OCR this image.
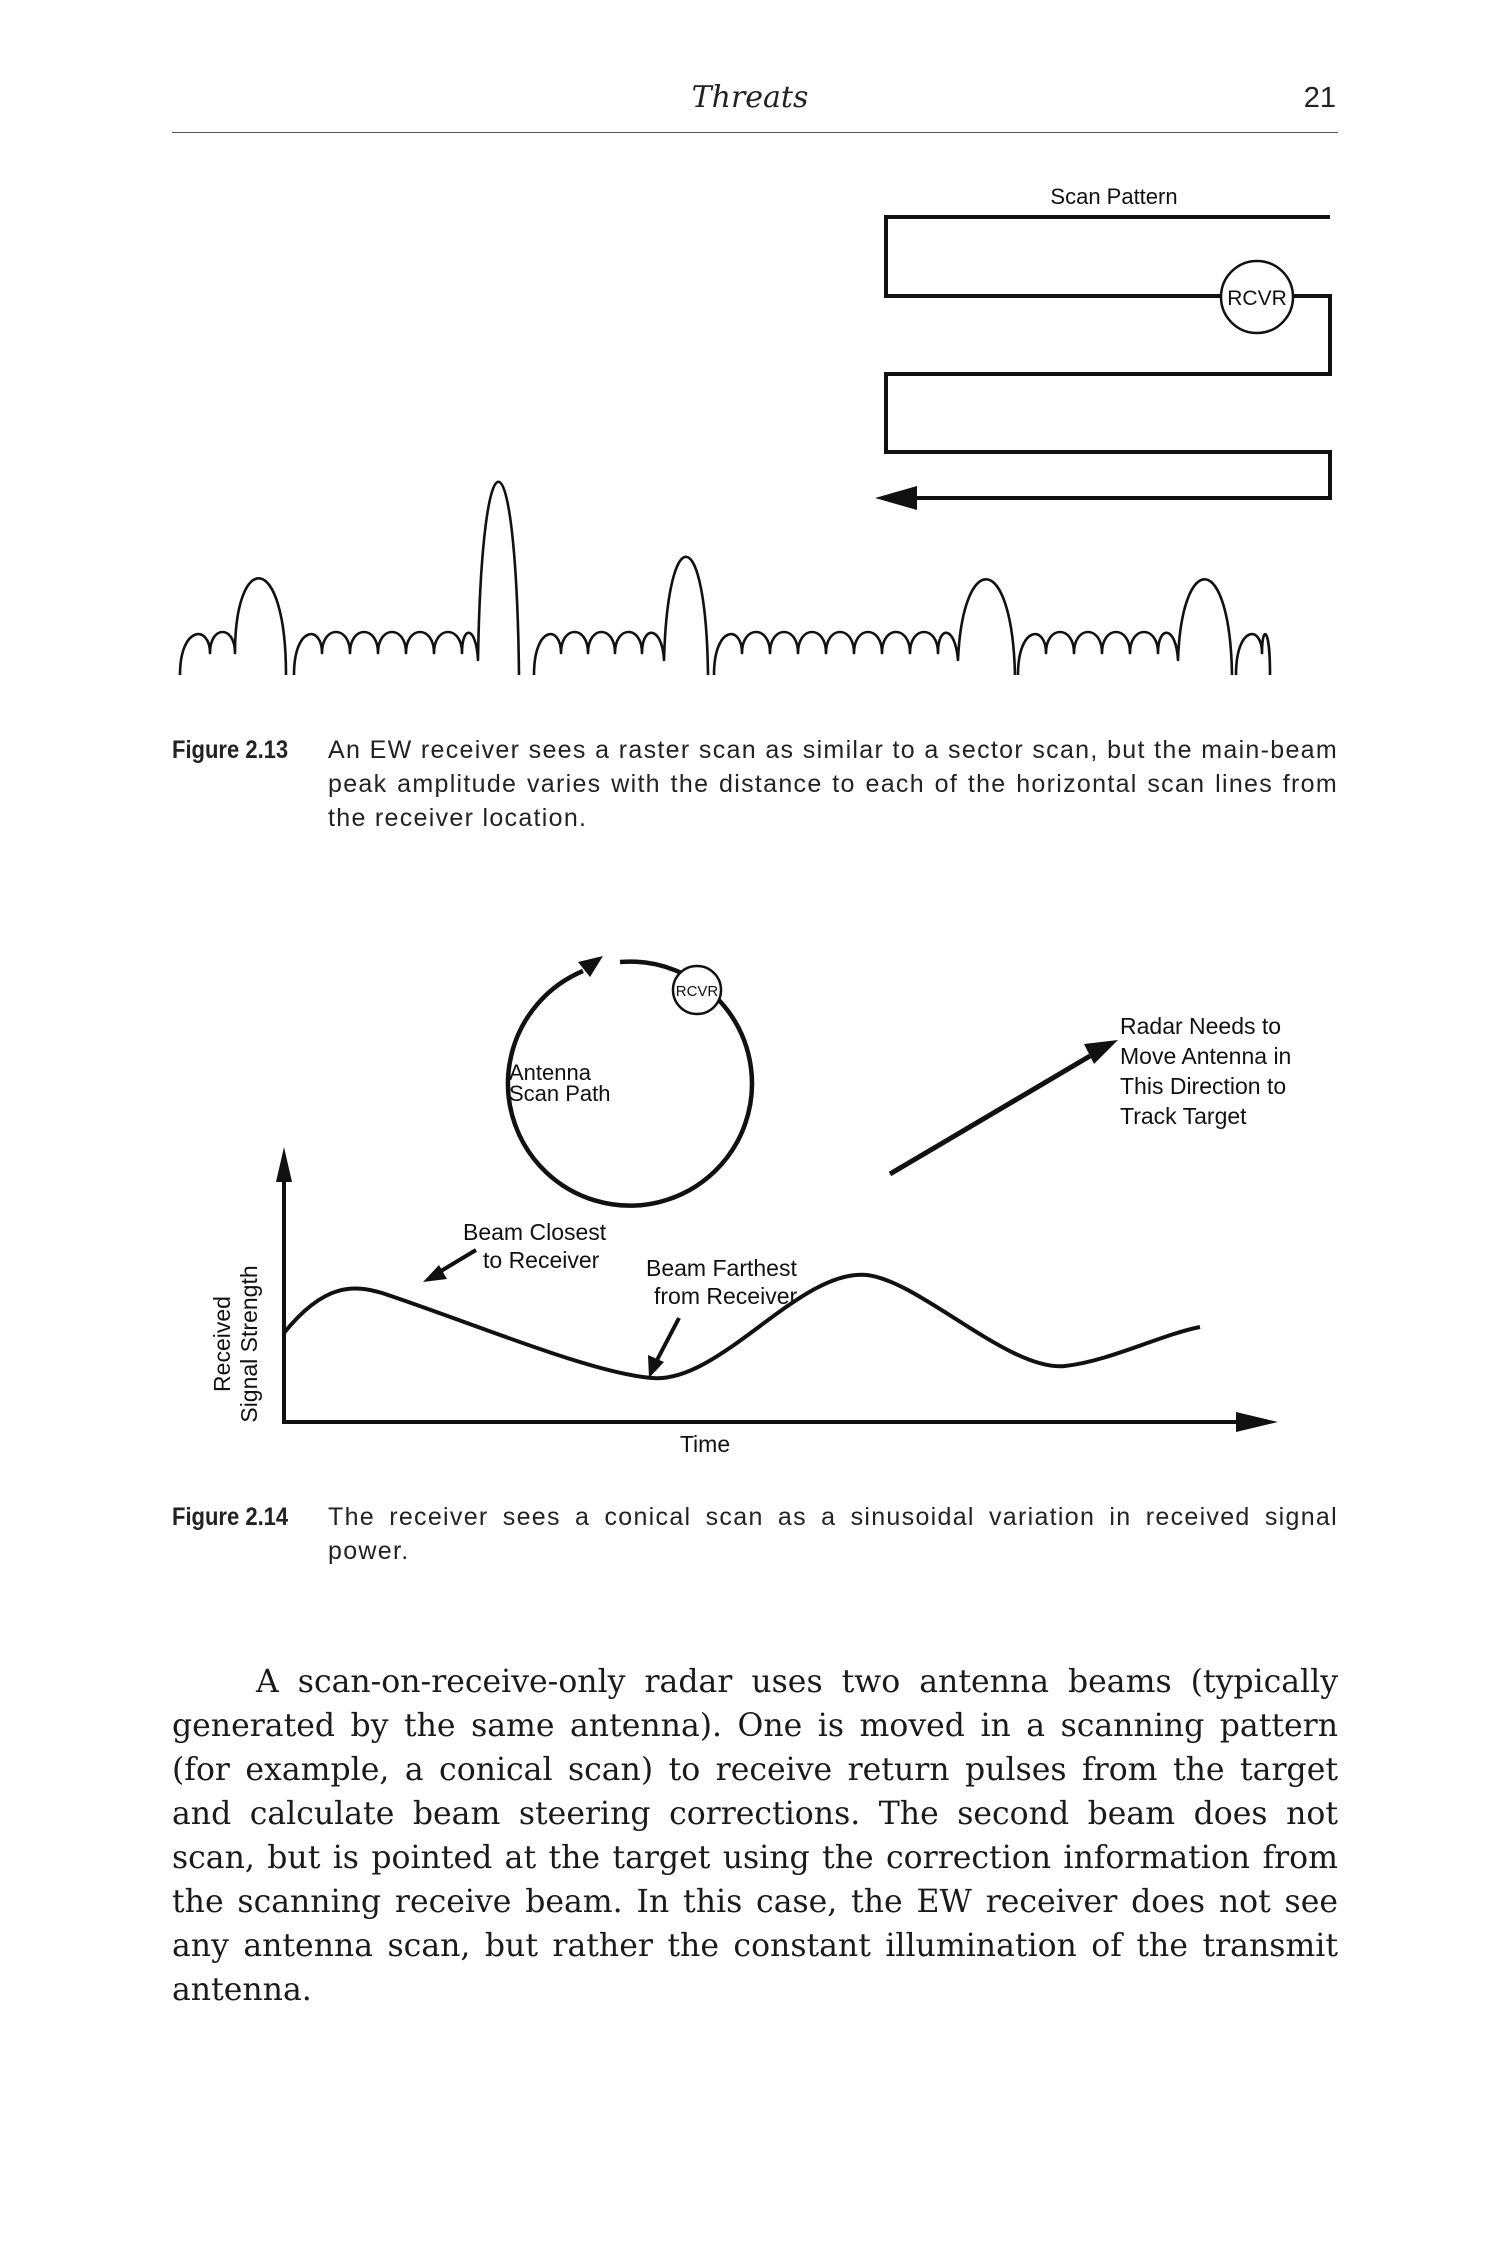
Threats	21
Scan Pattern
RCVR
Figure 2.13 An EW receiver sees a raster scan as similar to a sector scan, but the main-beam peak amplitude varies with the distance to each of the horizontal scan lines from the receiver location.
RCVR
Antenna Scan Path
Radar Needs to Move Antenna in This Direction to Track Target
Time
Received Signal Strength
Beam Closest to Receiver	Beam Farthest from Receiver
Figure 2.14 The receiver sees a conical scan as a sinusoidal variation in received signal power.
A scan-on-receive-only radar uses two antenna beams (typically generated by the same antenna). One is moved in a scanning pattern (for example, a conical scan) to receive return pulses from the target and calculate beam steering corrections. The second beam does not scan, but is pointed at the target using the correction information from the scanning receive beam. In this case, the EW receiver does not see any antenna scan, but rather the constant illumination of the transmit antenna.
